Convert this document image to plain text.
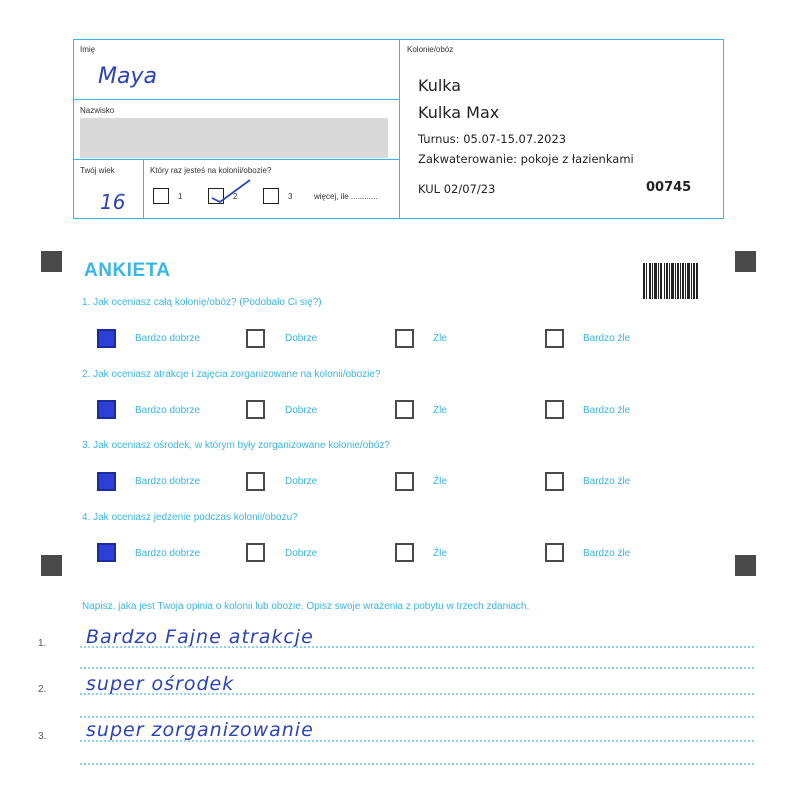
Imię
Maya
Nazwisko
Twój wiek
16
Który raz jesteś na kolonii/obozie?
1	2	3	więcej, ile ............
Kolonie/obóz
Kulka
Kulka Max
Turnus: 05.07-15.07.2023
Zakwaterowanie: pokoje z łazienkami
KUL 02/07/23	00745
ANKIETA
1. Jak oceniasz całą kolonię/obóz? (Podobało Ci się?)
Bardzo dobrze	Dobrze	Źle	Bardzo źle
2. Jak oceniasz atrakcje i zajęcia zorganizowane na kolonii/obozie?
Bardzo dobrze	Dobrze	Źle	Bardzo źle
3. Jak oceniasz ośrodek, w którym były zorganizowane kolonie/obóz?
Bardzo dobrze	Dobrze	Źle	Bardzo źle
4. Jak oceniasz jedzenie podczas kolonii/obozu?
Bardzo dobrze	Dobrze	Źle	Bardzo źle
Napisz, jaka jest Twoja opinia o kolonii lub obozie. Opisz swoje wrażenia z pobytu w trzech zdaniach.
1. Bardzo Fajne atrakcje
2. super ośrodek
3. super zorganizowanie
